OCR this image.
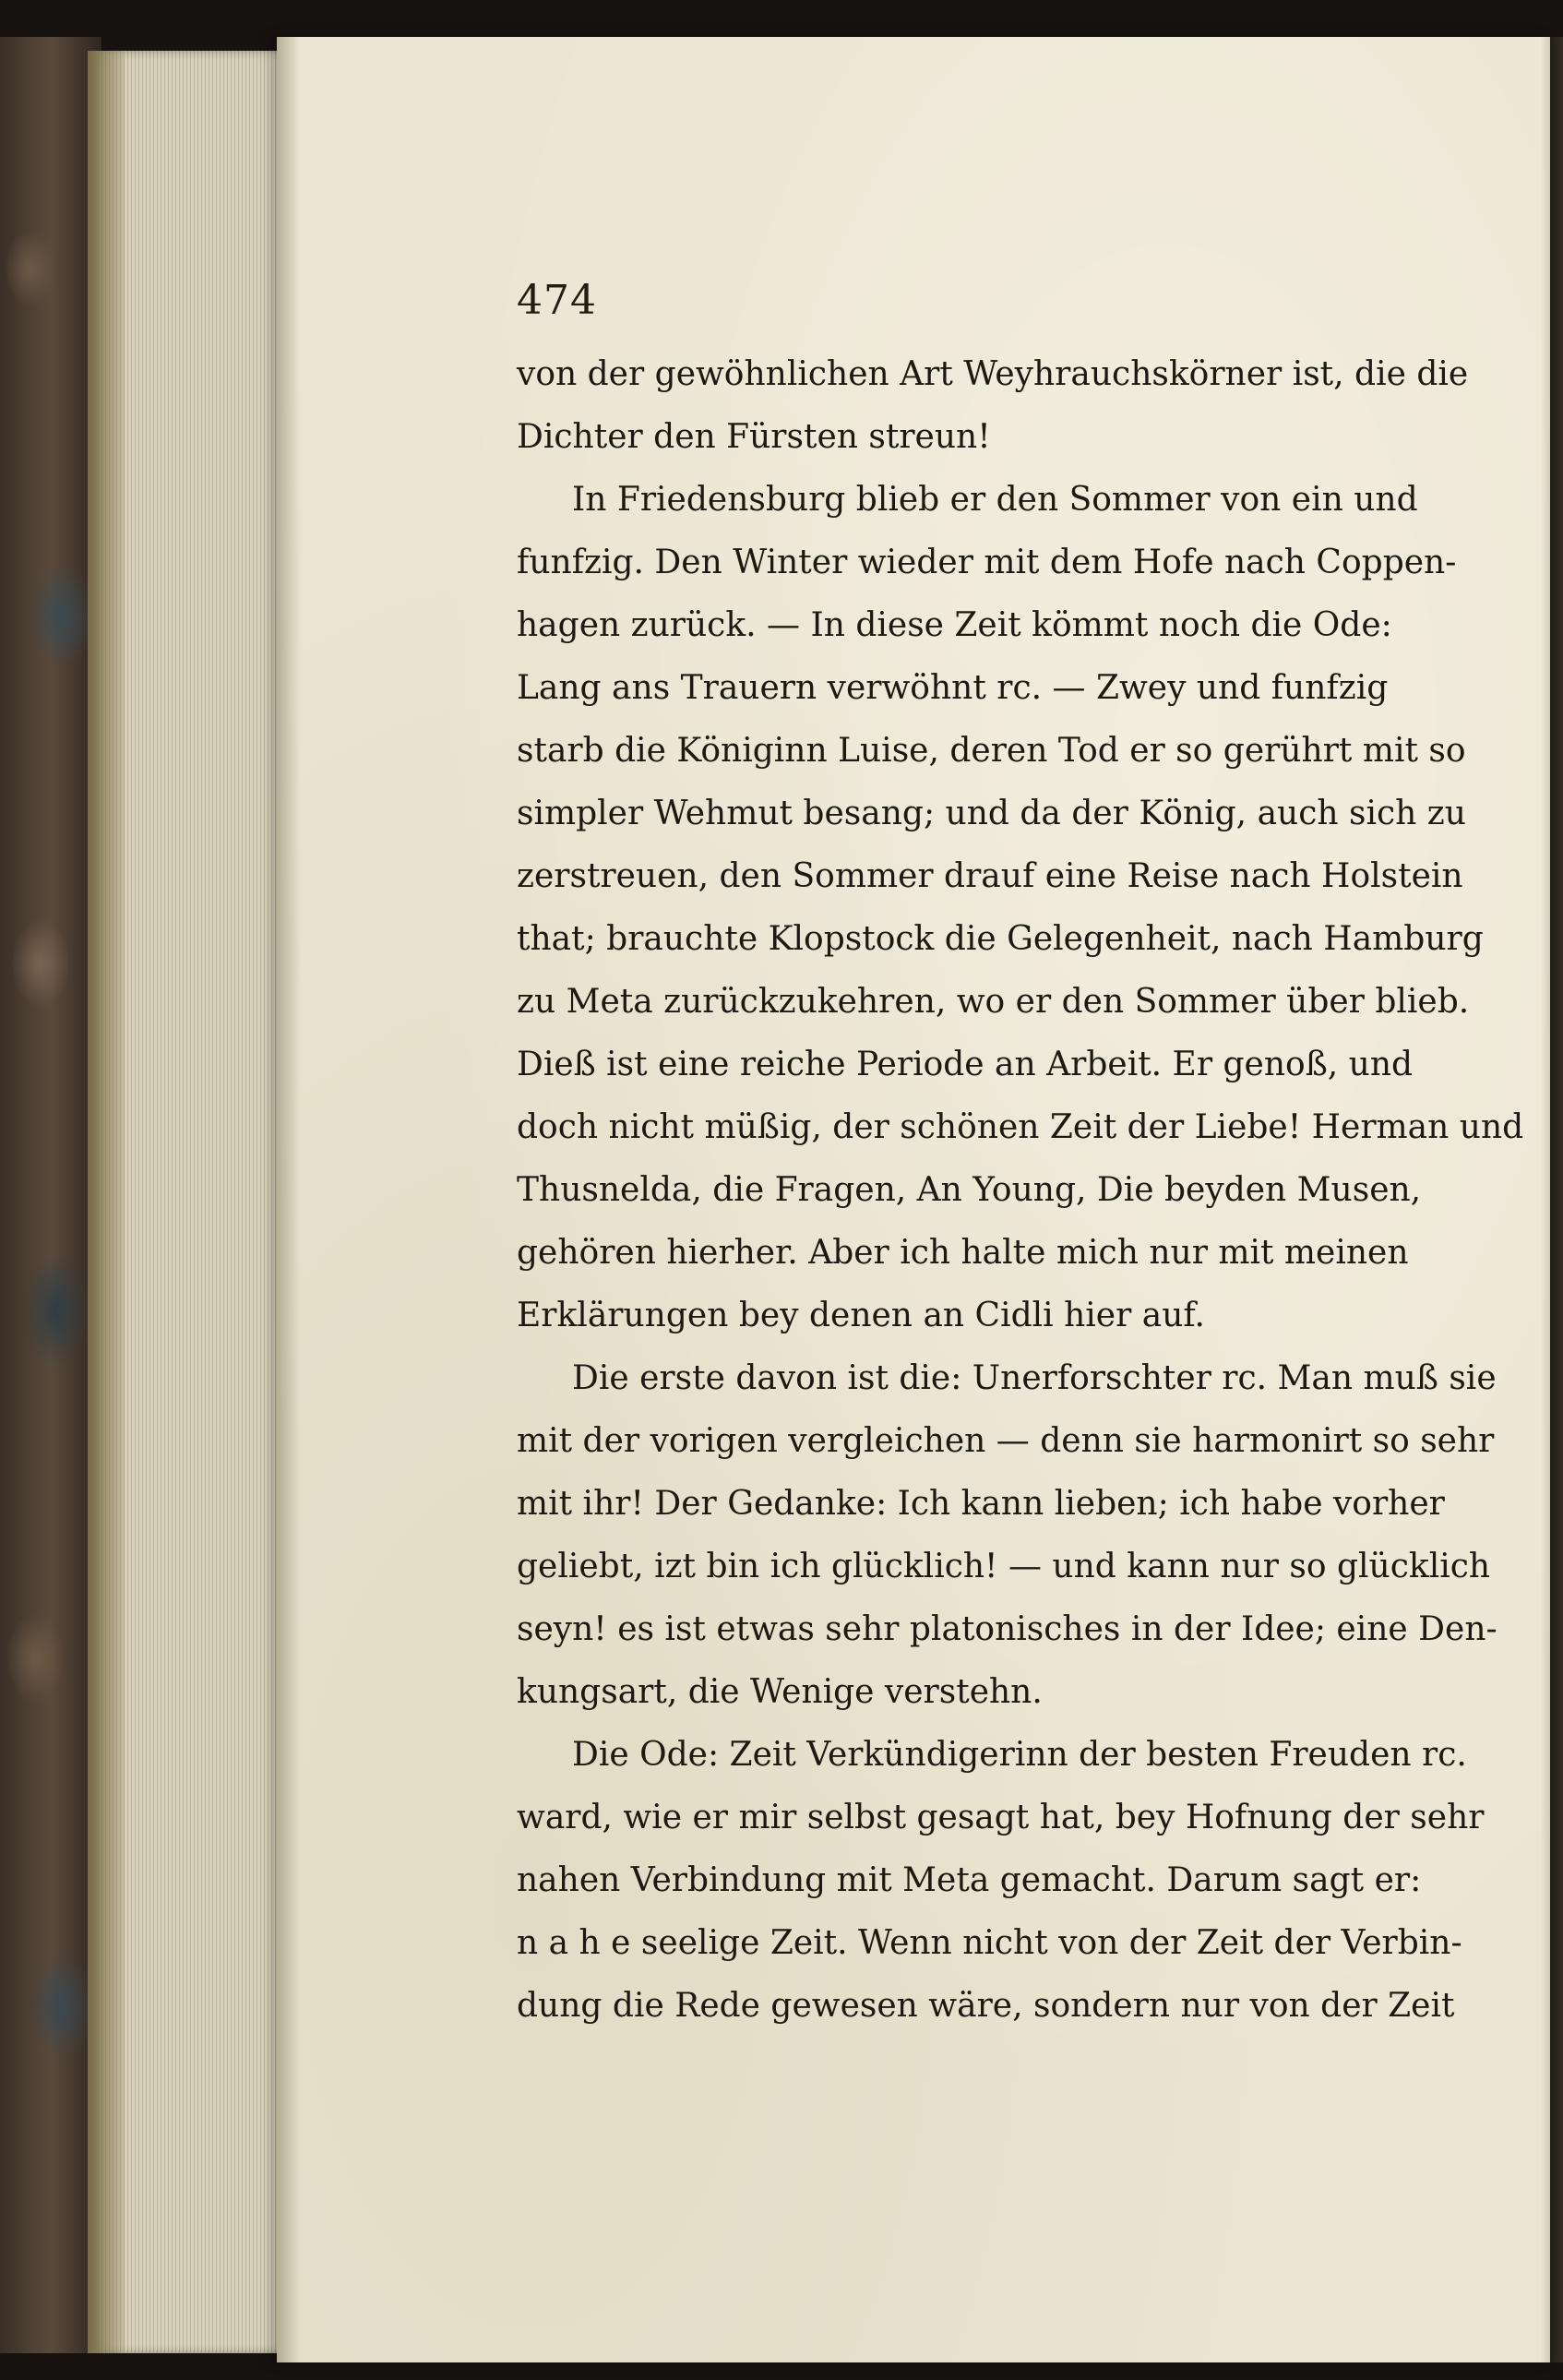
474
von der gewöhnlichen Art Weyhrauchskörner ist, die die
Dichter den Fürsten streun!
In Friedensburg blieb er den Sommer von ein und
funfzig. Den Winter wieder mit dem Hofe nach Coppen-
hagen zurück. — In diese Zeit kömmt noch die Ode:
Lang ans Trauern verwöhnt rc. — Zwey und funfzig
starb die Königinn Luise, deren Tod er so gerührt mit so
simpler Wehmut besang; und da der König, auch sich zu
zerstreuen, den Sommer drauf eine Reise nach Holstein
that; brauchte Klopstock die Gelegenheit, nach Hamburg
zu Meta zurückzukehren, wo er den Sommer über blieb.
Dieß ist eine reiche Periode an Arbeit. Er genoß, und
doch nicht müßig, der schönen Zeit der Liebe! Herman und
Thusnelda, die Fragen, An Young, Die beyden Musen,
gehören hierher. Aber ich halte mich nur mit meinen
Erklärungen bey denen an Cidli hier auf.
Die erste davon ist die: Unerforschter rc. Man muß sie
mit der vorigen vergleichen — denn sie harmonirt so sehr
mit ihr! Der Gedanke: Ich kann lieben; ich habe vorher
geliebt, izt bin ich glücklich! — und kann nur so glücklich
seyn! es ist etwas sehr platonisches in der Idee; eine Den-
kungsart, die Wenige verstehn.
Die Ode: Zeit Verkündigerinn der besten Freuden rc.
ward, wie er mir selbst gesagt hat, bey Hofnung der sehr
nahen Verbindung mit Meta gemacht. Darum sagt er:
n a h e seelige Zeit. Wenn nicht von der Zeit der Verbin-
dung die Rede gewesen wäre, sondern nur von der Zeit
